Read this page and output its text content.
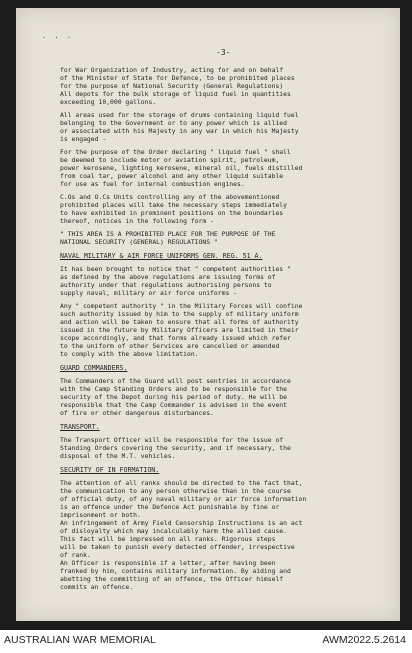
· · ·
-3-

for War Organization of Industry, acting for and on behalf
of the Minister of State for Defence, to be prohibited places
for the purpose of National Security (General Regulations)
All depots for the bulk storage of liquid fuel in quantities
exceeding 10,000 gallons.

All areas used for the storage of drums containing liquid fuel
belonging to the Government or to any power which is allied
or associated with his Majesty in any war in which his Majesty
is engaged -

For the purpose of the Order declaring " liquid fuel " shall
be deemed to include motor or aviation spirit, petroleum,
power kerosene, lighting kerosene, mineral oil, fuels distilled
from coal tar, power alcohol and any other liquid suitable
for use as fuel for internal combustion engines.

C.Os and O.Cs Units controlling any of the abovementioned
prohibited places will take the necessary steps immediately
to have exhibited in prominent positions on the boundaries
thereof, notices in the following form -

" THIS AREA IS A PROHIBITED PLACE FOR THE PURPOSE OF THE
NATIONAL SECURITY (GENERAL) REGULATIONS "

NAVAL MILITARY & AIR FORCE UNIFORMS GEN. REG. 51 A.

It has been brought to notice that " competent authorities "
as defined by the above regulations are issuing forms of
authority under that regulations authorising persons to
supply naval, military or air force uniforms -

Any " competent authority " in the Military Forces will confine
such authority issued by him to the supply of military uniform
and action will be taken to ensure that all forms of authority
issued in the future by Military Officers are limited in their
scope accordingly, and that forms already issued which refer
to the uniform of other Services are cancelled or amended
to comply with the above limitation.

GUARD COMMANDERS.

The Commanders of the Guard will post sentries in accordance
with the Camp Standing Orders and to be responsible for the
security of the Depot during his period of duty. He will be
responsible that the Camp Commander is advised in the event
of fire or other dangerous disturbances.

TRANSPORT.

The Transport Officer will be responsible for the issue of
Standing Orders covering the security, and if necessary, the
disposal of the M.T. vehicles.

SECURITY OF IN FORMATION.

The attention of all ranks should be directed to the fact that,
the communication to any person otherwise than in the course
of official duty, of any naval military or air force information
is an offence under the Defence Act punishable by fine or
imprisonment or both.
An infringement of Army Field Censorship Instructions is an act
of disloyalty which may incalculably harm the allied cause.
This fact will be impressed on all ranks. Rigorous steps
will be taken to punish every detected offender, irrespective
of rank.
An Officer is responsible if a letter, after having been
franked by him, contains military information. By aiding and
abetting the committing of an offence, the Officer himself
commits an offence.

AUSTRALIAN WAR MEMORIAL	AWM2022.5.2614
